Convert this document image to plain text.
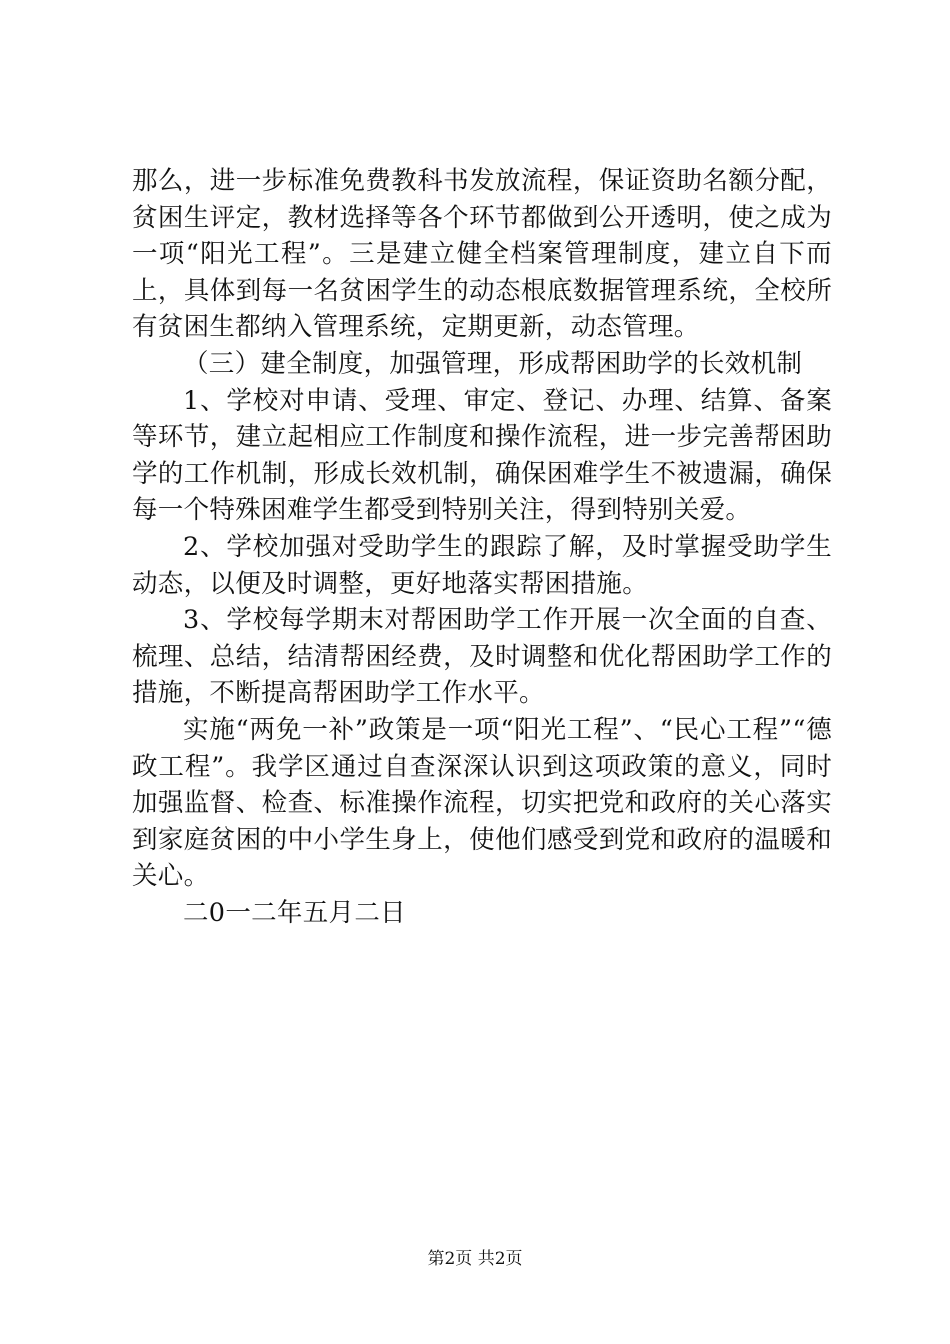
那么，进一步标准免费教科书发放流程，保证资助名额分配，贫困生评定，教材选择等各个环节都做到公开透明，使之成为一项“阳光工程”。三是建立健全档案管理制度，建立自下而上，具体到每一名贫困学生的动态根底数据管理系统，全校所有贫困生都纳入管理系统，定期更新，动态管理。

（三）建全制度，加强管理，形成帮困助学的长效机制

1、学校对申请、受理、审定、登记、办理、结算、备案等环节，建立起相应工作制度和操作流程，进一步完善帮困助学的工作机制，形成长效机制，确保困难学生不被遗漏，确保每一个特殊困难学生都受到特别关注，得到特别关爱。

2、学校加强对受助学生的跟踪了解，及时掌握受助学生动态，以便及时调整，更好地落实帮困措施。

3、学校每学期末对帮困助学工作开展一次全面的自查、梳理、总结，结清帮困经费，及时调整和优化帮困助学工作的措施，不断提高帮困助学工作水平。

实施“两免一补”政策是一项“阳光工程”、“民心工程”“德政工程”。我学区通过自查深深认识到这项政策的意义，同时加强监督、检查、标准操作流程，切实把党和政府的关心落实到家庭贫困的中小学生身上，使他们感受到党和政府的温暖和关心。

二0一二年五月二日

第2页 共2页
